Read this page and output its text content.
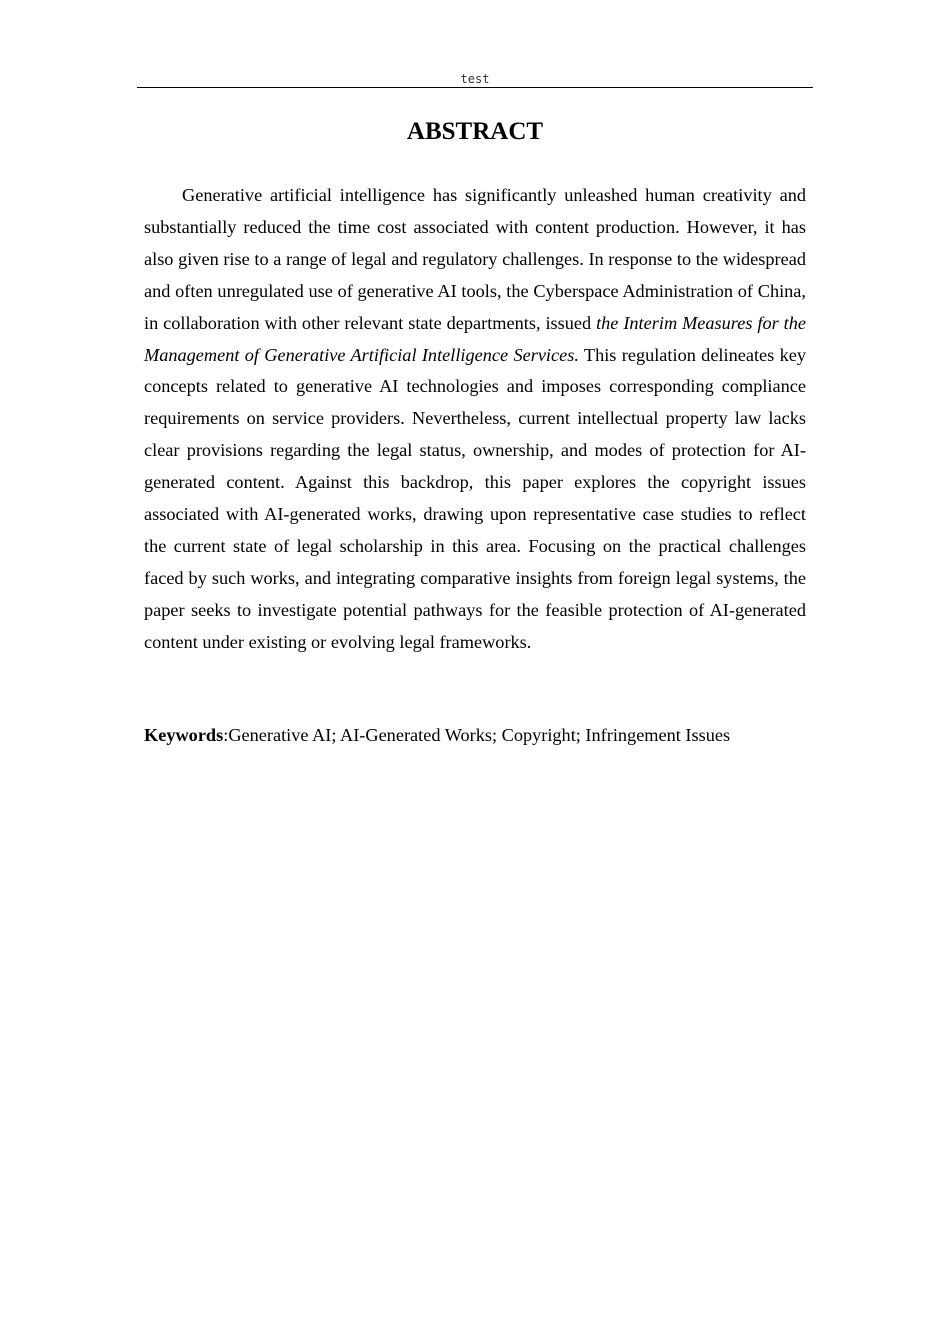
test
ABSTRACT

Generative artificial intelligence has significantly unleashed human creativity and substantially reduced the time cost associated with content production. However, it has also given rise to a range of legal and regulatory challenges. In response to the widespread and often unregulated use of generative AI tools, the Cyberspace Administration of China, in collaboration with other relevant state departments, issued the Interim Measures for the Management of Generative Artificial Intelligence Services. This regulation delineates key concepts related to generative AI technologies and imposes corresponding compliance requirements on service providers. Nevertheless, current intellectual property law lacks clear provisions regarding the legal status, ownership, and modes of protection for AI-generated content. Against this backdrop, this paper explores the copyright issues associated with AI-generated works, drawing upon representative case studies to reflect the current state of legal scholarship in this area. Focusing on the practical challenges faced by such works, and integrating comparative insights from foreign legal systems, the paper seeks to investigate potential pathways for the feasible protection of AI-generated content under existing or evolving legal frameworks.

Keywords:Generative AI; AI-Generated Works; Copyright; Infringement Issues
